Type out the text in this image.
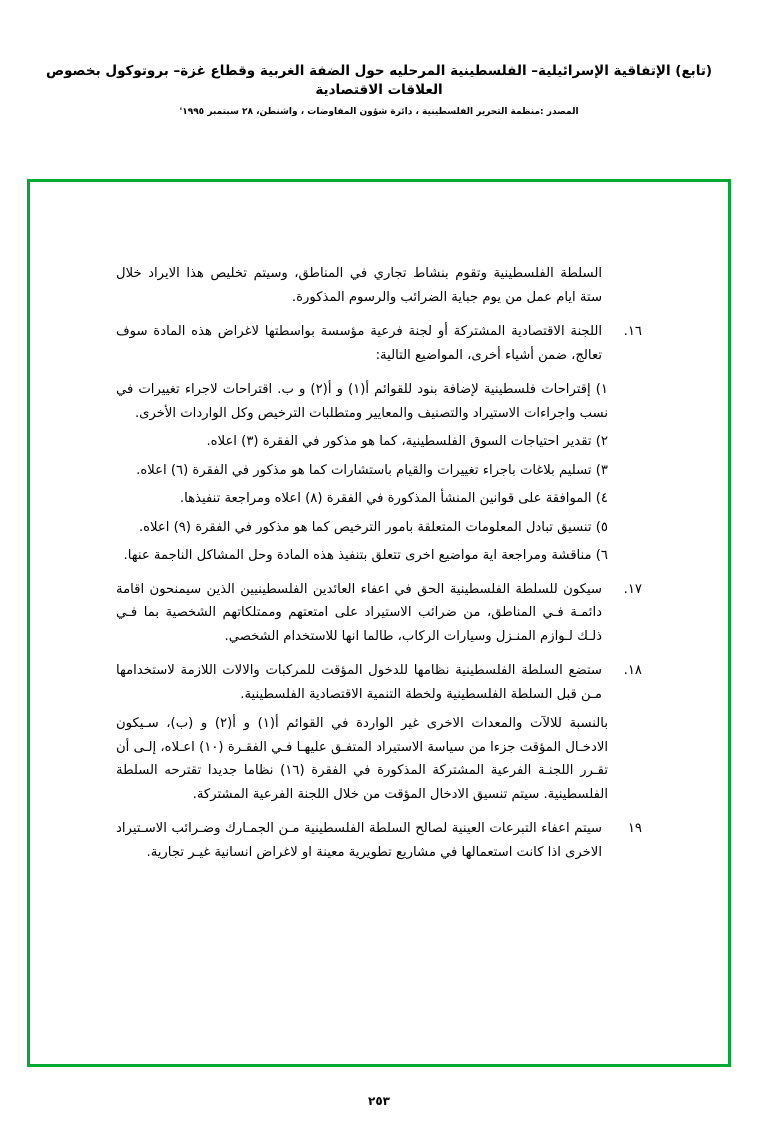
(تابع) الإتفاقية الإسرائيلية– الفلسطينية المرحليه حول الضفة الغربية وقطاع غزة– بروتوكول بخصوص العلاقات الاقتصادية
المصدر :منظمة التحرير الفلسطينية ، دائرة شؤون المفاوضات ، واشنطن، ٢٨ سبتمبر ١٩٩٥'
السلطة الفلسطينية وتقوم بنشاط تجاري في المناطق، وسيتم تخليص هذا الايراد خلال ستة ايام عمل من يوم جباية الضرائب والرسوم المذكورة.
١٦.
اللجنة الاقتصادية المشتركة أو لجنة فرعية مؤسسة بواسطتها لاغراض هذه المادة سوف تعالج، ضمن أشياء أخرى، المواضيع التالية:
١) إقتراحات فلسطينية لإضافة بنود للقوائم أ(١) و أ(٢) و ب. اقتراحات لاجراء تغييرات في نسب واجراءات الاستيراد والتصنيف والمعايير ومتطلبات الترخيص وكل الواردات الأخرى.
٢) تقدير احتياجات السوق الفلسطينية، كما هو مذكور في الفقرة (٣) اعلاه.
٣) تسليم بلاغات باجراء تغييرات والقيام باستشارات كما هو مذكور في الفقرة (٦) اعلاه.
٤) الموافقة على قوانين المنشأ المذكورة في الفقرة (٨) اعلاه ومراجعة تنفيذها.
٥) تنسيق تبادل المعلومات المتعلقة بامور الترخيص كما هو مذكور في الفقرة (٩) اعلاه.
٦) مناقشة ومراجعة اية مواضيع اخرى تتعلق بتنفيذ هذه المادة وحل المشاكل الناجمة عنها.
١٧.
سيكون للسلطة الفلسطينية الحق في اعفاء العائدين الفلسطينيين الذين سيمنحون اقامة دائمـة فـي المناطق، من ضرائب الاستيراد على امتعتهم وممتلكاتهم الشخصية بما فـي ذلـك لـوازم المنـزل وسيارات الركاب، طالما انها للاستخدام الشخصي.
١٨.
ستضع السلطة الفلسطينية نظامها للدخول المؤقت للمركبات والالات اللازمة لاستخدامها مـن قبل السلطة الفلسطينية ولخطة التنمية الاقتصادية الفلسطينية.
بالنسبة للالآت والمعدات الاخرى غير الواردة في القوائم أ(١) و أ(٢) و (ب)، سـيكون الادخـال المؤقت جزءا من سياسة الاستيراد المتفـق عليهـا فـي الفقـرة (١٠) اعـلاه، إلـى أن تقـرر اللجنـة الفرعية المشتركة المذكورة في الفقرة (١٦) نظاما جديدا تقترحه السلطة الفلسطينية. سيتم تنسيق الادخال المؤقت من خلال اللجنة الفرعية المشتركة.
١٩
سيتم اعفاء التبرعات العينية لصالح السلطة الفلسطينية مـن الجمـارك وضـرائب الاسـتيراد الاخرى اذا كانت استعمالها في مشاريع تطويرية معينة او لاغراض انسانية غيـر تجارية.
٢٥٣
